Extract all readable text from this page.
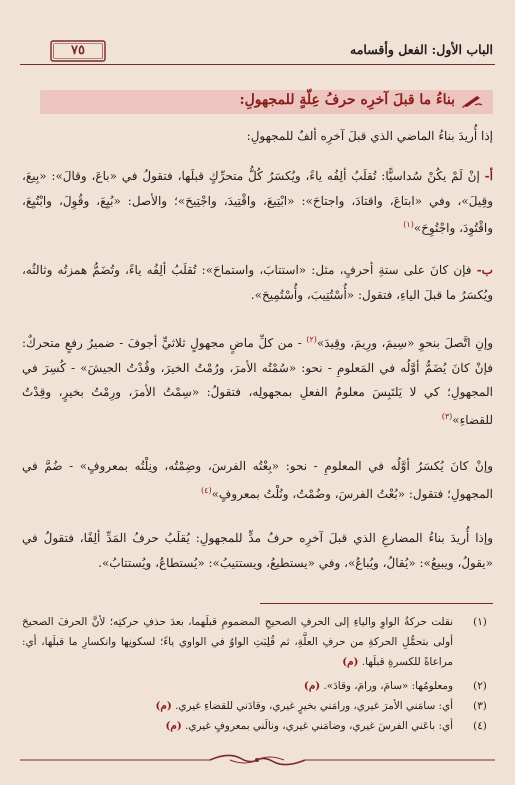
الباب الأول: الفعل وأقسامه
٧٥
بناءُ ما قبلَ آخرِه حرفُ عِلّةٍ للمجهولِ:
إذا أُريدَ بناءُ الماضي الذي قبلَ آخرِه ألفٌ للمجهولِ:
أ- إنْ لَمْ يكُنْ سُداسيًّا: تُقلَبُ ألِفُه ياءً، ويُكسَرُ كُلُّ متحرِّكٍ قبلَها، فتقولُ في «باعَ، وقالَ»: «بِيعَ، وقِيلَ»، وفي «ابتاعَ، واقتادَ، واجتاحَ»: «ابْتِيعَ، واقْتِيدَ، واجْتِيحَ»؛ والأصل: «بُيِعَ، وقُوِلَ، وابْتُيِعَ، واقْتُوِدَ، واجْتُوِحَ»$^{(١)}$
ب- فإن كانَ على ستةِ أحرفٍ، مثل: «استتابَ، واستماحَ»: تُقلَبُ ألِفُه ياءً، وتُضَمُّ همزتُه وثالثُه، ويُكسَرُ ما قبلَ الياءِ، فتقول: «أُسْتُتِيبَ، وأُسْتُمِيحَ».
وإنِ اتَّصلَ بنحوِ «سِيمَ، ورِيمَ، وقِيدَ»$^{(٢)}$ - من كلِّ ماضٍ مجهولٍ ثلاثيٍّ أجوفَ - ضميرُ رفعٍ متحركٌ: فإنْ كانَ يُضَمُّ أوَّلُه في المَعلومِ - نحو: «سُمْتُه الأمرَ، ورُمْتُ الخيرَ، وقُدْتُ الجيشَ» - كُسِرَ في المجهولِ؛ كي لا يَلتَبِسَ معلومُ الفعلِ بمجهولِه، فتقولُ: «سِمْتُ الأمرَ، ورِمْتُ بخيرٍ، وقِدْتُ للقضاءِ»$^{(٣)}$
وإنْ كانَ يُكسَرُ أوَّلُه في المعلومِ - نحو: «بِعْتُه الفرسَ، وضِمْتُه، ونِلْتُه بمعروفٍ» - ضُمَّ في المجهولِ؛ فتقول: «بُعْتُ الفرسَ، وضُمْتُ، ونُلْتُ بمعروفٍ»$^{(٤)}$
وإذا أُريدَ بناءُ المضارعِ الذي قبلَ آخرِه حرفُ مدٍّ للمجهولِ: يُقلَبُ حرفُ المَدِّ ألِفًا، فتقولُ في «يقولُ، ويبيعُ»: «يُقالُ، ويُباعُ»، وفي «يستطيعُ، ويستتيبُ»: «يُستطاعُ، ويُستتابُ».
(١)
نقلت حركةُ الواوِ والياءِ إلى الحرفِ الصحيحِ المضمومِ قبلَهما، بعدَ حذفِ حركتِه؛ لأنَّ الحرفَ الصحيحَ أولى بتحمُّلِ الحركةِ من حرفِ العلَّةِ، ثم قُلِبَتِ الواوُ في الواوي ياءً؛ لسكونِها وانكسارِ ما قبلَها، أي: مراعاةً للكسرةِ قبلَها. (م)
(٢)
ومعلومُها: «سامَ، ورامَ، وقادَ». (م)
(٣)
أي: سامَني الأمرَ غيري، ورامَني بخيرٍ غيري، وقادَني للقضاءِ غيري. (م)
(٤)
أي: باعَني الفرسَ غيري، وضامَني غيري، ونالَني بمعروفٍ غيري. (م)
